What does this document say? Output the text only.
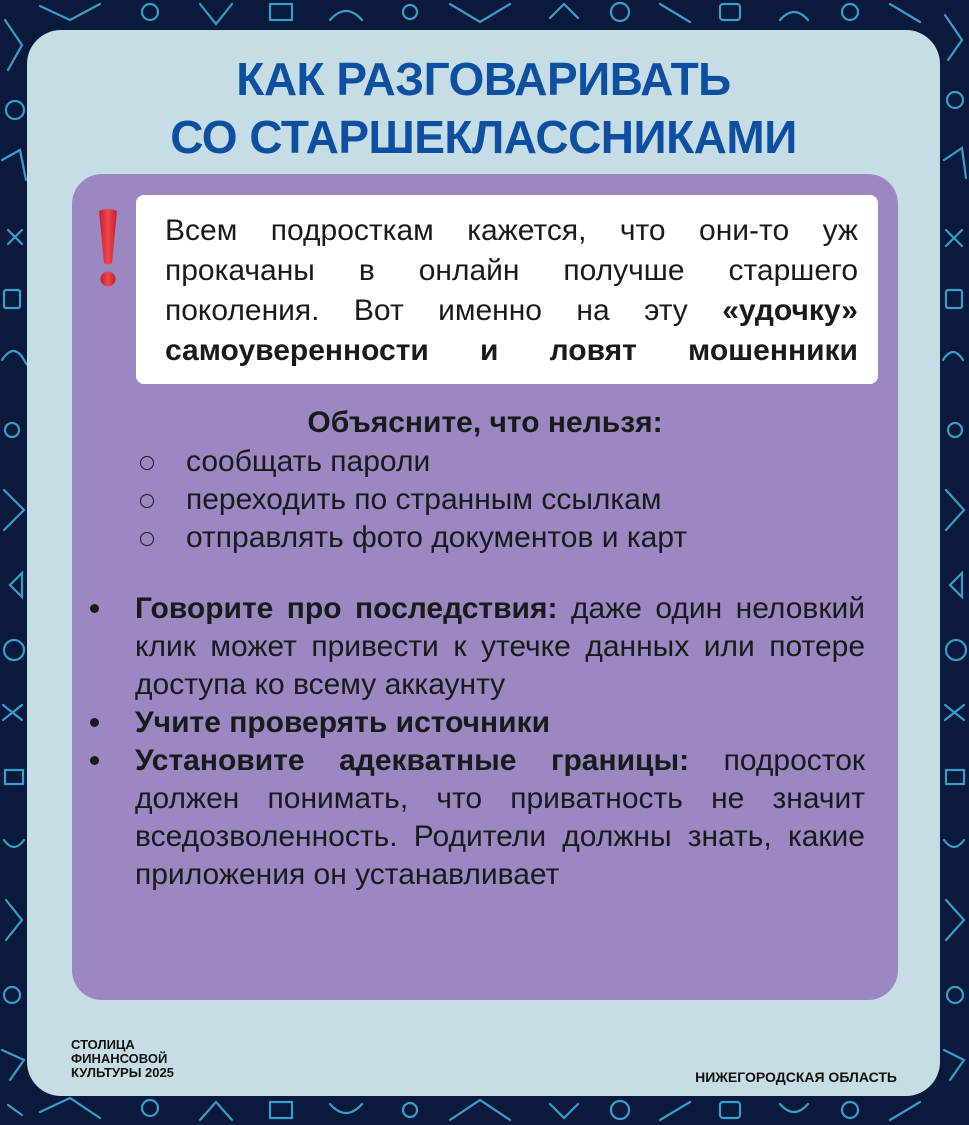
КАК РАЗГОВАРИВАТЬ
СО СТАРШЕКЛАССНИКАМИ
Всем подросткам кажется, что они-то уж прокачаны в онлайн получше старшего поколения. Вот именно на эту «удочку» самоуверенности и ловят мошенники
Объясните, что нельзя:
сообщать пароли
переходить по странным ссылкам
отправлять фото документов и карт
Говорите про последствия: даже один неловкий клик может привести к утечке данных или потере доступа ко всему аккаунту
Учите проверять источники
Установите адекватные границы: подросток должен понимать, что приватность не значит вседозволенность. Родители должны знать, какие приложения он устанавливает
СТОЛИЦА
ФИНАНСОВОЙ
КУЛЬТУРЫ 2025	НИЖЕГОРОДСКАЯ ОБЛАСТЬ
